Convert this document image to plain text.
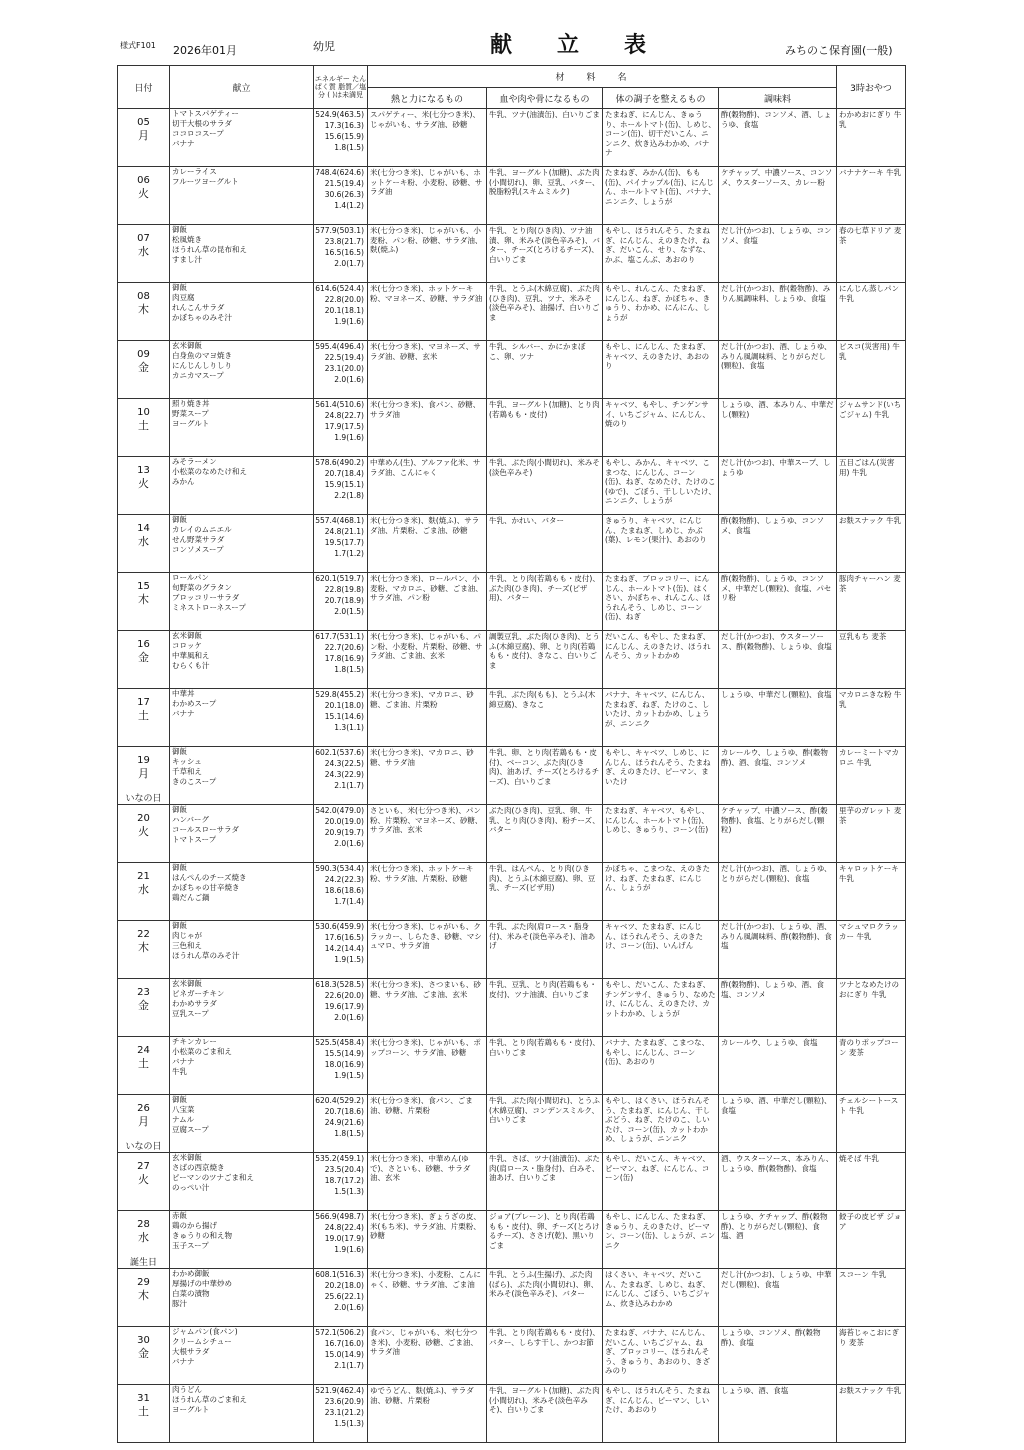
様式F101 2026年01月	幼児	献立表	みちのこ保育園(一般)
日付	献立	エネルギー たんぱく質 脂質／塩分 ( )は未満児	材料名				3時おやつ
			熱と力になるもの	血や肉や骨になるもの	体の調子を整えるもの	調味料	

05
月	トマトスパゲティー
切干大根のサラダ
ココロコスープ
バナナ	524.9(463.5)
17.3(16.3)
15.6(15.9)
1.8(1.5)	スパゲティー、米(七分つき米)、じゃがいも、サラダ油、砂糖	牛乳、ツナ(油漬缶)、白いりごま	たまねぎ、にんじん、きゅうり、ホールトマト(缶)、しめじ、コーン(缶)、切干だいこん、ニンニク、炊き込みわかめ、バナナ	酢(穀物酢)、コンソメ、酒、しょうゆ、食塩	わかめおにぎり 牛乳

06
火	カレーライス
フルーツヨーグルト	748.4(624.6)
21.5(19.4)
30.6(26.3)
1.4(1.2)	米(七分つき米)、じゃがいも、ホットケーキ粉、小麦粉、砂糖、サラダ油	牛乳、ヨーグルト(加糖)、ぶた肉(小間切れ)、卵、豆乳、バター、脱脂粉乳(スキムミルク)	たまねぎ、みかん(缶)、もも(缶)、パイナップル(缶)、にんじん、ホールトマト(缶)、バナナ、ニンニク、しょうが	ケチャップ、中濃ソース、コンソメ、ウスターソース、カレー粉	バナナケーキ 牛乳

07
水	御飯
松風焼き
ほうれん草の昆布和え
すまし汁	577.9(503.1)
23.8(21.7)
16.5(16.5)
2.0(1.7)	米(七分つき米)、じゃがいも、小麦粉、パン粉、砂糖、サラダ油、麩(焼ふ)	牛乳、とり肉(ひき肉)、ツナ油漬、卵、米みそ(淡色辛みそ)、バター、チーズ(とろけるチーズ)、白いりごま	もやし、ほうれんそう、たまねぎ、にんじん、えのきたけ、ねぎ、だいこん、せり、なずな、かぶ、塩こんぶ、あおのり	だし汁(かつお)、しょうゆ、コンソメ、食塩	春の七草ドリア 麦茶

08
木	御飯
肉豆腐
れんこんサラダ
かぼちゃのみそ汁	614.6(524.4)
22.8(20.0)
20.1(18.1)
1.9(1.6)	米(七分つき米)、ホットケーキ粉、マヨネーズ、砂糖、サラダ油	牛乳、とうふ(木綿豆腐)、ぶた肉(ひき肉)、豆乳、ツナ、米みそ(淡色辛みそ)、油揚げ、白いりごま	もやし、れんこん、たまねぎ、にんじん、ねぎ、かぼちゃ、きゅうり、わかめ、にんにん、しょうが	だし汁(かつお)、酢(穀物酢)、みりん風調味料、しょうゆ、食塩	にんじん蒸しパン 牛乳

09
金	玄米御飯
白身魚のマヨ焼き
にんじんしりしり
カニカマスープ	595.4(496.4)
22.5(19.4)
23.1(20.0)
2.0(1.6)	米(七分つき米)、マヨネーズ、サラダ油、砂糖、玄米	牛乳、シルバー、かにかまぼこ、卵、ツナ	もやし、にんじん、たまねぎ、キャベツ、えのきたけ、あおのり	だし汁(かつお)、酒、しょうゆ、みりん風調味料、とりがらだし(顆粒)、食塩	ビスコ(災害用) 牛乳

10
土	照り焼き丼
野菜スープ
ヨーグルト	561.4(510.6)
24.8(22.7)
17.9(17.5)
1.9(1.6)	米(七分つき米)、食パン、砂糖、サラダ油	牛乳、ヨーグルト(加糖)、とり肉(若鶏もも・皮付)	キャベツ、もやし、チンゲンサイ、いちごジャム、にんじん、焼のり	しょうゆ、酒、本みりん、中華だし(顆粒)	ジャムサンド(いちごジャム) 牛乳

13
火	みそラーメン
小松菜のなめたけ和え
みかん	578.6(490.2)
20.7(18.4)
15.9(15.1)
2.2(1.8)	中華めん(生)、アルファ化米、サラダ油、こんにゃく	牛乳、ぶた肉(小間切れ)、米みそ(淡色辛みそ)	もやし、みかん、キャベツ、こまつな、にんじん、コーン(缶)、ねぎ、なめたけ、たけのこ(ゆで)、ごぼう、干ししいたけ、ニンニク、しょうが	だし汁(かつお)、中華スープ、しょうゆ	五目ごはん(災害用) 牛乳

14
水	御飯
カレイのムニエル
せん野菜サラダ
コンソメスープ	557.4(468.1)
24.8(21.1)
19.5(17.7)
1.7(1.2)	米(七分つき米)、麩(焼ふ)、サラダ油、片栗粉、ごま油、砂糖	牛乳、かれい、バター	きゅうり、キャベツ、にんじん、たまねぎ、しめじ、かぶ(葉)、レモン(果汁)、あおのり	酢(穀物酢)、しょうゆ、コンソメ、食塩	お麩スナック 牛乳

15
木	ロールパン
旬野菜のグラタン
ブロッコリーサラダ
ミネストローネスープ	620.1(519.7)
22.8(19.8)
20.7(18.9)
2.0(1.5)	米(七分つき米)、ロールパン、小麦粉、マカロニ、砂糖、ごま油、サラダ油、パン粉	牛乳、とり肉(若鶏もも・皮付)、ぶた肉(ひき肉)、チーズ(ピザ用)、バター	たまねぎ、ブロッコリー、にんじん、ホールトマト(缶)、はくさい、かぼちゃ、れんこん、ほうれんそう、しめじ、コーン(缶)、ねぎ	酢(穀物酢)、しょうゆ、コンソメ、中華だし(顆粒)、食塩、パセリ粉	豚肉チャーハン 麦茶

16
金	玄米御飯
コロッケ
中華風和え
むらくも汁	617.7(531.1)
22.7(20.6)
17.8(16.9)
1.8(1.5)	米(七分つき米)、じゃがいも、パン粉、小麦粉、片栗粉、砂糖、サラダ油、ごま油、玄米	調製豆乳、ぶた肉(ひき肉)、とうふ(木綿豆腐)、卵、とり肉(若鶏もも・皮付)、きなこ、白いりごま	だいこん、もやし、たまねぎ、にんじん、えのきたけ、ほうれんそう、カットわかめ	だし汁(かつお)、ウスターソース、酢(穀物酢)、しょうゆ、食塩	豆乳もち 麦茶

17
土	中華丼
わかめスープ
バナナ	529.8(455.2)
20.1(18.0)
15.1(14.6)
1.3(1.1)	米(七分つき米)、マカロニ、砂糖、ごま油、片栗粉	牛乳、ぶた肉(もも)、とうふ(木綿豆腐)、きなこ	バナナ、キャベツ、にんじん、たまねぎ、ねぎ、たけのこ、しいたけ、カットわかめ、しょうが、ニンニク	しょうゆ、中華だし(顆粒)、食塩	マカロニきな粉 牛乳

19
月
いなの日	御飯
キッシュ
千草和え
きのこスープ	602.1(537.6)
24.3(22.5)
24.3(22.9)
2.1(1.7)	米(七分つき米)、マカロニ、砂糖、サラダ油	牛乳、卵、とり肉(若鶏もも・皮付)、ベーコン、ぶた肉(ひき肉)、油あげ、チーズ(とろけるチーズ)、白いりごま	もやし、キャベツ、しめじ、にんじん、ほうれんそう、たまねぎ、えのきたけ、ピーマン、まいたけ	カレールウ、しょうゆ、酢(穀物酢)、酒、食塩、コンソメ	カレーミートマカロニ 牛乳

20
火	御飯
ハンバーグ
コールスローサラダ
トマトスープ	542.0(479.0)
20.0(19.0)
20.9(19.7)
2.0(1.6)	さといも、米(七分つき米)、パン粉、片栗粉、マヨネーズ、砂糖、サラダ油、玄米	ぶた肉(ひき肉)、豆乳、卵、牛乳、とり肉(ひき肉)、粉チーズ、バター	たまねぎ、キャベツ、もやし、にんじん、ホールトマト(缶)、しめじ、きゅうり、コーン(缶)	ケチャップ、中濃ソース、酢(穀物酢)、食塩、とりがらだし(顆粒)	里芋のガレット 麦茶

21
水	御飯
はんぺんのチーズ焼き
かぼちゃの甘辛焼き
鶏だんご鍋	590.3(534.4)
24.2(22.3)
18.6(18.6)
1.7(1.4)	米(七分つき米)、ホットケーキ粉、サラダ油、片栗粉、砂糖	牛乳、はんぺん、とり肉(ひき肉)、とうふ(木綿豆腐)、卵、豆乳、チーズ(ピザ用)	かぼちゃ、こまつな、えのきたけ、ねぎ、たまねぎ、にんじん、しょうが	だし汁(かつお)、酒、しょうゆ、とりがらだし(顆粒)、食塩	キャロットケーキ 牛乳

22
木	御飯
肉じゃが
三色和え
ほうれん草のみそ汁	530.6(459.9)
17.6(16.5)
14.2(14.4)
1.9(1.5)	米(七分つき米)、じゃがいも、クラッカー、しらたき、砂糖、マシュマロ、サラダ油	牛乳、ぶた肉(肩ロース・脂身付)、米みそ(淡色辛みそ)、油あげ	キャベツ、たまねぎ、にんじん、ほうれんそう、えのきたけ、コーン(缶)、いんげん	だし汁(かつお)、しょうゆ、酒、みりん風調味料、酢(穀物酢)、食塩	マシュマロクラッカー 牛乳

23
金	玄米御飯
ビネガーチキン
わかめサラダ
豆乳スープ	618.3(528.5)
22.6(20.0)
19.6(17.9)
2.0(1.6)	米(七分つき米)、さつまいも、砂糖、サラダ油、ごま油、玄米	牛乳、豆乳、とり肉(若鶏もも・皮付)、ツナ油漬、白いりごま	もやし、だいこん、たまねぎ、チンゲンサイ、きゅうり、なめたけ、にんじん、えのきたけ、カットわかめ、しょうが	酢(穀物酢)、しょうゆ、酒、食塩、コンソメ	ツナとなめたけのおにぎり 牛乳

24
土	チキンカレー
小松菜のごま和え
バナナ
牛乳	525.5(458.4)
15.5(14.9)
18.0(16.9)
1.9(1.5)	米(七分つき米)、じゃがいも、ポップコーン、サラダ油、砂糖	牛乳、とり肉(若鶏もも・皮付)、白いりごま	バナナ、たまねぎ、こまつな、もやし、にんじん、コーン(缶)、あおのり	カレールウ、しょうゆ、食塩	青のりポップコーン 麦茶

26
月
いなの日	御飯
八宝菜
ナムル
豆腐スープ	620.4(529.2)
20.7(18.6)
24.9(21.6)
1.8(1.5)	米(七分つき米)、食パン、ごま油、砂糖、片栗粉	牛乳、ぶた肉(小間切れ)、とうふ(木綿豆腐)、コンデンスミルク、白いりごま	もやし、はくさい、ほうれんそう、たまねぎ、にんじん、干しぶどう、ねぎ、たけのこ、しいたけ、コーン(缶)、カットわかめ、しょうが、ニンニク	しょうゆ、酒、中華だし(顆粒)、食塩	チェルシートースト 牛乳

27
火	玄米御飯
さばの西京焼き
ピーマンのツナごま和え
のっぺい汁	535.2(459.1)
23.5(20.4)
18.7(17.2)
1.5(1.3)	米(七分つき米)、中華めん(ゆで)、さといも、砂糖、サラダ油、玄米	牛乳、さば、ツナ(油漬缶)、ぶた肉(肩ロース・脂身付)、白みそ、油あげ、白いりごま	もやし、だいこん、キャベツ、ピーマン、ねぎ、にんじん、コーン(缶)	酒、ウスターソース、本みりん、しょうゆ、酢(穀物酢)、食塩	焼そば 牛乳

28
水
誕生日	赤飯
鶏のから揚げ
きゅうりの和え物
玉子スープ	566.9(498.7)
24.8(22.4)
19.0(17.9)
1.9(1.6)	米(七分つき米)、ぎょうざの皮、米(もち米)、サラダ油、片栗粉、砂糖	ジョア(プレーン)、とり肉(若鶏もも・皮付)、卵、チーズ(とろけるチーズ)、ささげ(乾)、黒いりごま	もやし、にんじん、たまねぎ、きゅうり、えのきたけ、ピーマン、コーン(缶)、しょうが、ニンニク	しょうゆ、ケチャップ、酢(穀物酢)、とりがらだし(顆粒)、食塩、酒	餃子の皮ピザ ジョア

29
木	わかめ御飯
厚揚げの中華炒め
白菜の漬物
豚汁	608.1(516.3)
20.2(18.0)
25.6(22.1)
2.0(1.6)	米(七分つき米)、小麦粉、こんにゃく、砂糖、サラダ油、ごま油	牛乳、とうふ(生揚げ)、ぶた肉(ばら)、ぶた肉(小間切れ)、卵、米みそ(淡色辛みそ)、バター	はくさい、キャベツ、だいこん、たまねぎ、しめじ、ねぎ、にんじん、ごぼう、いちごジャム、炊き込みわかめ	だし汁(かつお)、しょうゆ、中華だし(顆粒)、食塩	スコーン 牛乳

30
金	ジャムパン(食パン)
クリームシチュー
大根サラダ
バナナ	572.1(506.2)
16.7(16.0)
15.0(14.9)
2.1(1.7)	食パン、じゃがいも、米(七分つき米)、小麦粉、砂糖、ごま油、サラダ油	牛乳、とり肉(若鶏もも・皮付)、バター、しらす干し、かつお節	たまねぎ、バナナ、にんじん、だいこん、いちごジャム、ねぎ、ブロッコリー、ほうれんそう、きゅうり、あおのり、きざみのり	しょうゆ、コンソメ、酢(穀物酢)、食塩	海苔じゃこおにぎり 麦茶

31
土	肉うどん
ほうれん草のごま和え
ヨーグルト	521.9(462.4)
23.6(20.9)
23.1(21.2)
1.5(1.3)	ゆでうどん、麩(焼ふ)、サラダ油、砂糖、片栗粉	牛乳、ヨーグルト(加糖)、ぶた肉(小間切れ)、米みそ(淡色辛みそ)、白いりごま	もやし、ほうれんそう、たまねぎ、にんじん、ピーマン、しいたけ、あおのり	しょうゆ、酒、食塩	お麩スナック 牛乳
